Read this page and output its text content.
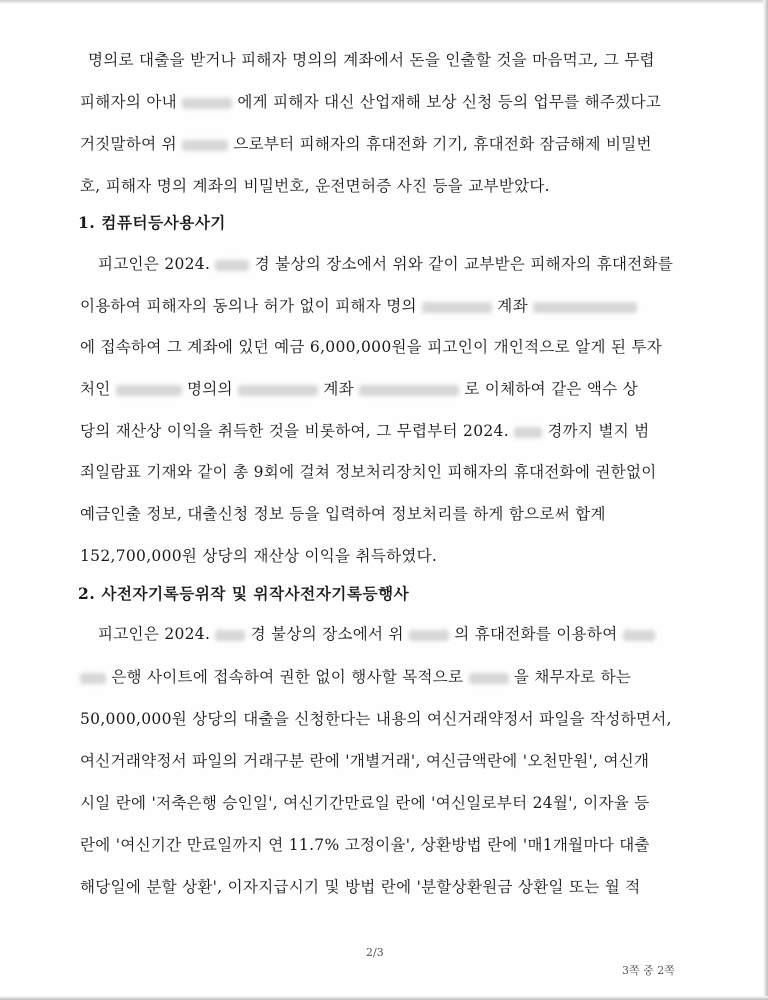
명의로 대출을 받거나 피해자 명의의 계좌에서 돈을 인출할 것을 마음먹고, 그 무렵
피해자의 아내	에게 피해자 대신 산업재해 보상 신청 등의 업무를 해주겠다고
거짓말하여 위	으로부터 피해자의 휴대전화 기기, 휴대전화 잠금해제 비밀번
호, 피해자 명의 계좌의 비밀번호, 운전면허증 사진 등을 교부받았다.
1. 컴퓨터등사용사기
피고인은 2024.	경 불상의 장소에서 위와 같이 교부받은 피해자의 휴대전화를
이용하여 피해자의 동의나 허가 없이 피해자 명의	계좌
에 접속하여 그 계좌에 있던 예금 6,000,000원을 피고인이 개인적으로 알게 된 투자
처인	명의의	계좌	로 이체하여 같은 액수 상
당의 재산상 이익을 취득한 것을 비롯하여, 그 무렵부터 2024. 경까지 별지 범
죄일람표 기재와 같이 총 9회에 걸쳐 정보처리장치인 피해자의 휴대전화에 권한없이
예금인출 정보, 대출신청 정보 등을 입력하여 정보처리를 하게 함으로써 합계
152,700,000원 상당의 재산상 이익을 취득하였다.
2. 사전자기록등위작 및 위작사전자기록등행사
피고인은 2024.	경 불상의 장소에서 위	의 휴대전화를 이용하여
은행 사이트에 접속하여 권한 없이 행사할 목적으로	을 채무자로 하는
50,000,000원 상당의 대출을 신청한다는 내용의 여신거래약정서 파일을 작성하면서,
여신거래약정서 파일의 거래구분 란에 '개별거래', 여신금액란에 '오천만원', 여신개
시일 란에 '저축은행 승인일', 여신기간만료일 란에 '여신일로부터 24월', 이자율 등
란에 '여신기간 만료일까지 연 11.7% 고정이율', 상환방법 란에 '매1개월마다 대출
해당일에 분할 상환', 이자지급시기 및 방법 란에 '분할상환원금 상환일 또는 월 적
2/3
3쪽 중 2쪽
